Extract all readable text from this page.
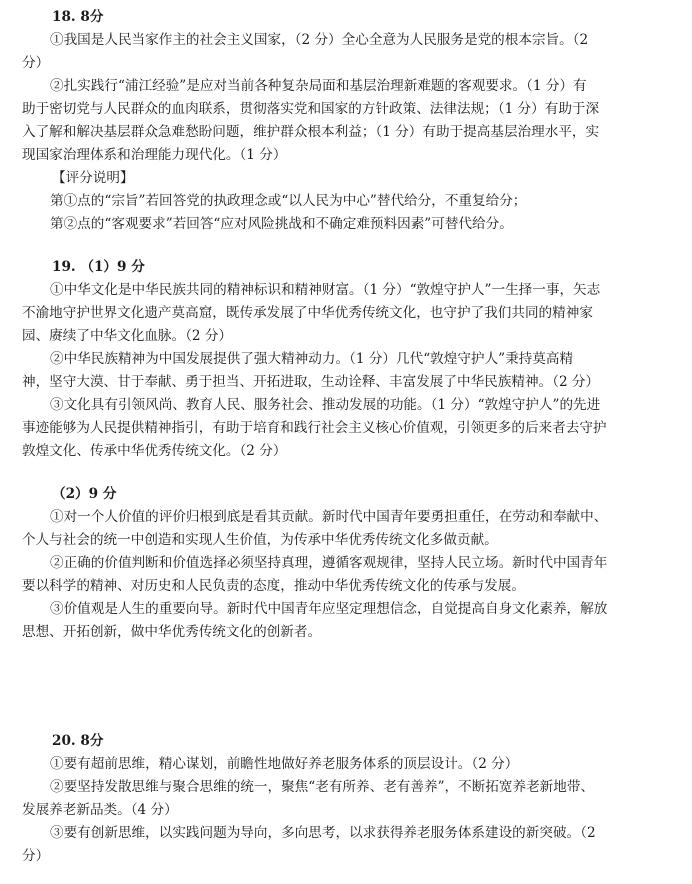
18. 8分
①我国是人民当家作主的社会主义国家，（2 分）全心全意为人民服务是党的根本宗旨。（2
分）
②扎实践行“浦江经验”是应对当前各种复杂局面和基层治理新难题的客观要求。（1 分）有
助于密切党与人民群众的血肉联系，贯彻落实党和国家的方针政策、法律法规；（1 分）有助于深
入了解和解决基层群众急难愁盼问题，维护群众根本利益；（1 分）有助于提高基层治理水平，实
现国家治理体系和治理能力现代化。（1 分）
【评分说明】
第①点的“宗旨”若回答党的执政理念或“以人民为中心”替代给分，不重复给分；
第②点的“客观要求”若回答“应对风险挑战和不确定难预料因素”可替代给分。
19. （1）9 分
①中华文化是中华民族共同的精神标识和精神财富。（1 分）“敦煌守护人”一生择一事，矢志
不渝地守护世界文化遗产莫高窟，既传承发展了中华优秀传统文化，也守护了我们共同的精神家
园、赓续了中华文化血脉。（2 分）
②中华民族精神为中国发展提供了强大精神动力。（1 分）几代“敦煌守护人”秉持莫高精
神，坚守大漠、甘于奉献、勇于担当、开拓进取，生动诠释、丰富发展了中华民族精神。（2 分）
③文化具有引领风尚、教育人民、服务社会、推动发展的功能。（1 分）“敦煌守护人”的先进
事迹能够为人民提供精神指引，有助于培育和践行社会主义核心价值观，引领更多的后来者去守护
敦煌文化、传承中华优秀传统文化。（2 分）
（2）9 分
①对一个人价值的评价归根到底是看其贡献。新时代中国青年要勇担重任，在劳动和奉献中、
个人与社会的统一中创造和实现人生价值，为传承中华优秀传统文化多做贡献。
②正确的价值判断和价值选择必须坚持真理，遵循客观规律，坚持人民立场。新时代中国青年
要以科学的精神、对历史和人民负责的态度，推动中华优秀传统文化的传承与发展。
③价值观是人生的重要向导。新时代中国青年应坚定理想信念，自觉提高自身文化素养，解放
思想、开拓创新，做中华优秀传统文化的创新者。
20. 8分
①要有超前思维，精心谋划，前瞻性地做好养老服务体系的顶层设计。（2 分）
②要坚持发散思维与聚合思维的统一，聚焦“老有所养、老有善养”，不断拓宽养老新地带、
发展养老新品类。（4 分）
③要有创新思维，以实践问题为导向，多向思考，以求获得养老服务体系建设的新突破。（2
分）
